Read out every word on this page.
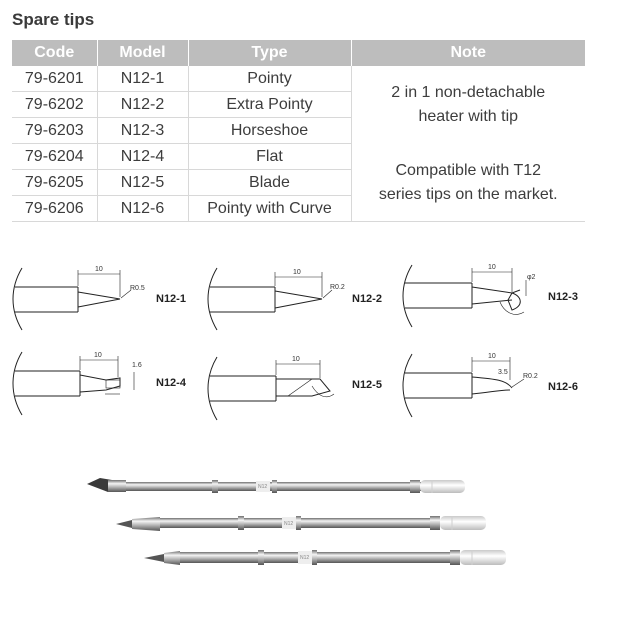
Spare tips
Code	Model	Type	Note
79-6201	N12-1	Pointy	2 in 1 non-detachable
heater with tip

Compatible with T12
series tips on the market.

79-6202	N12-2	Extra Pointy	
79-6203	N12-3	Horseshoe	
79-6204	N12-4	Flat	
79-6205	N12-5	Blade	
79-6206	N12-6	Pointy with Curve	
10
R0.5
N12-1
10
R0.2
N12-2
10
φ2
N12-3
10
1.6
N12-4
10
N12-5
10
3.5
R0.2
N12-6
N12
N12
N12
